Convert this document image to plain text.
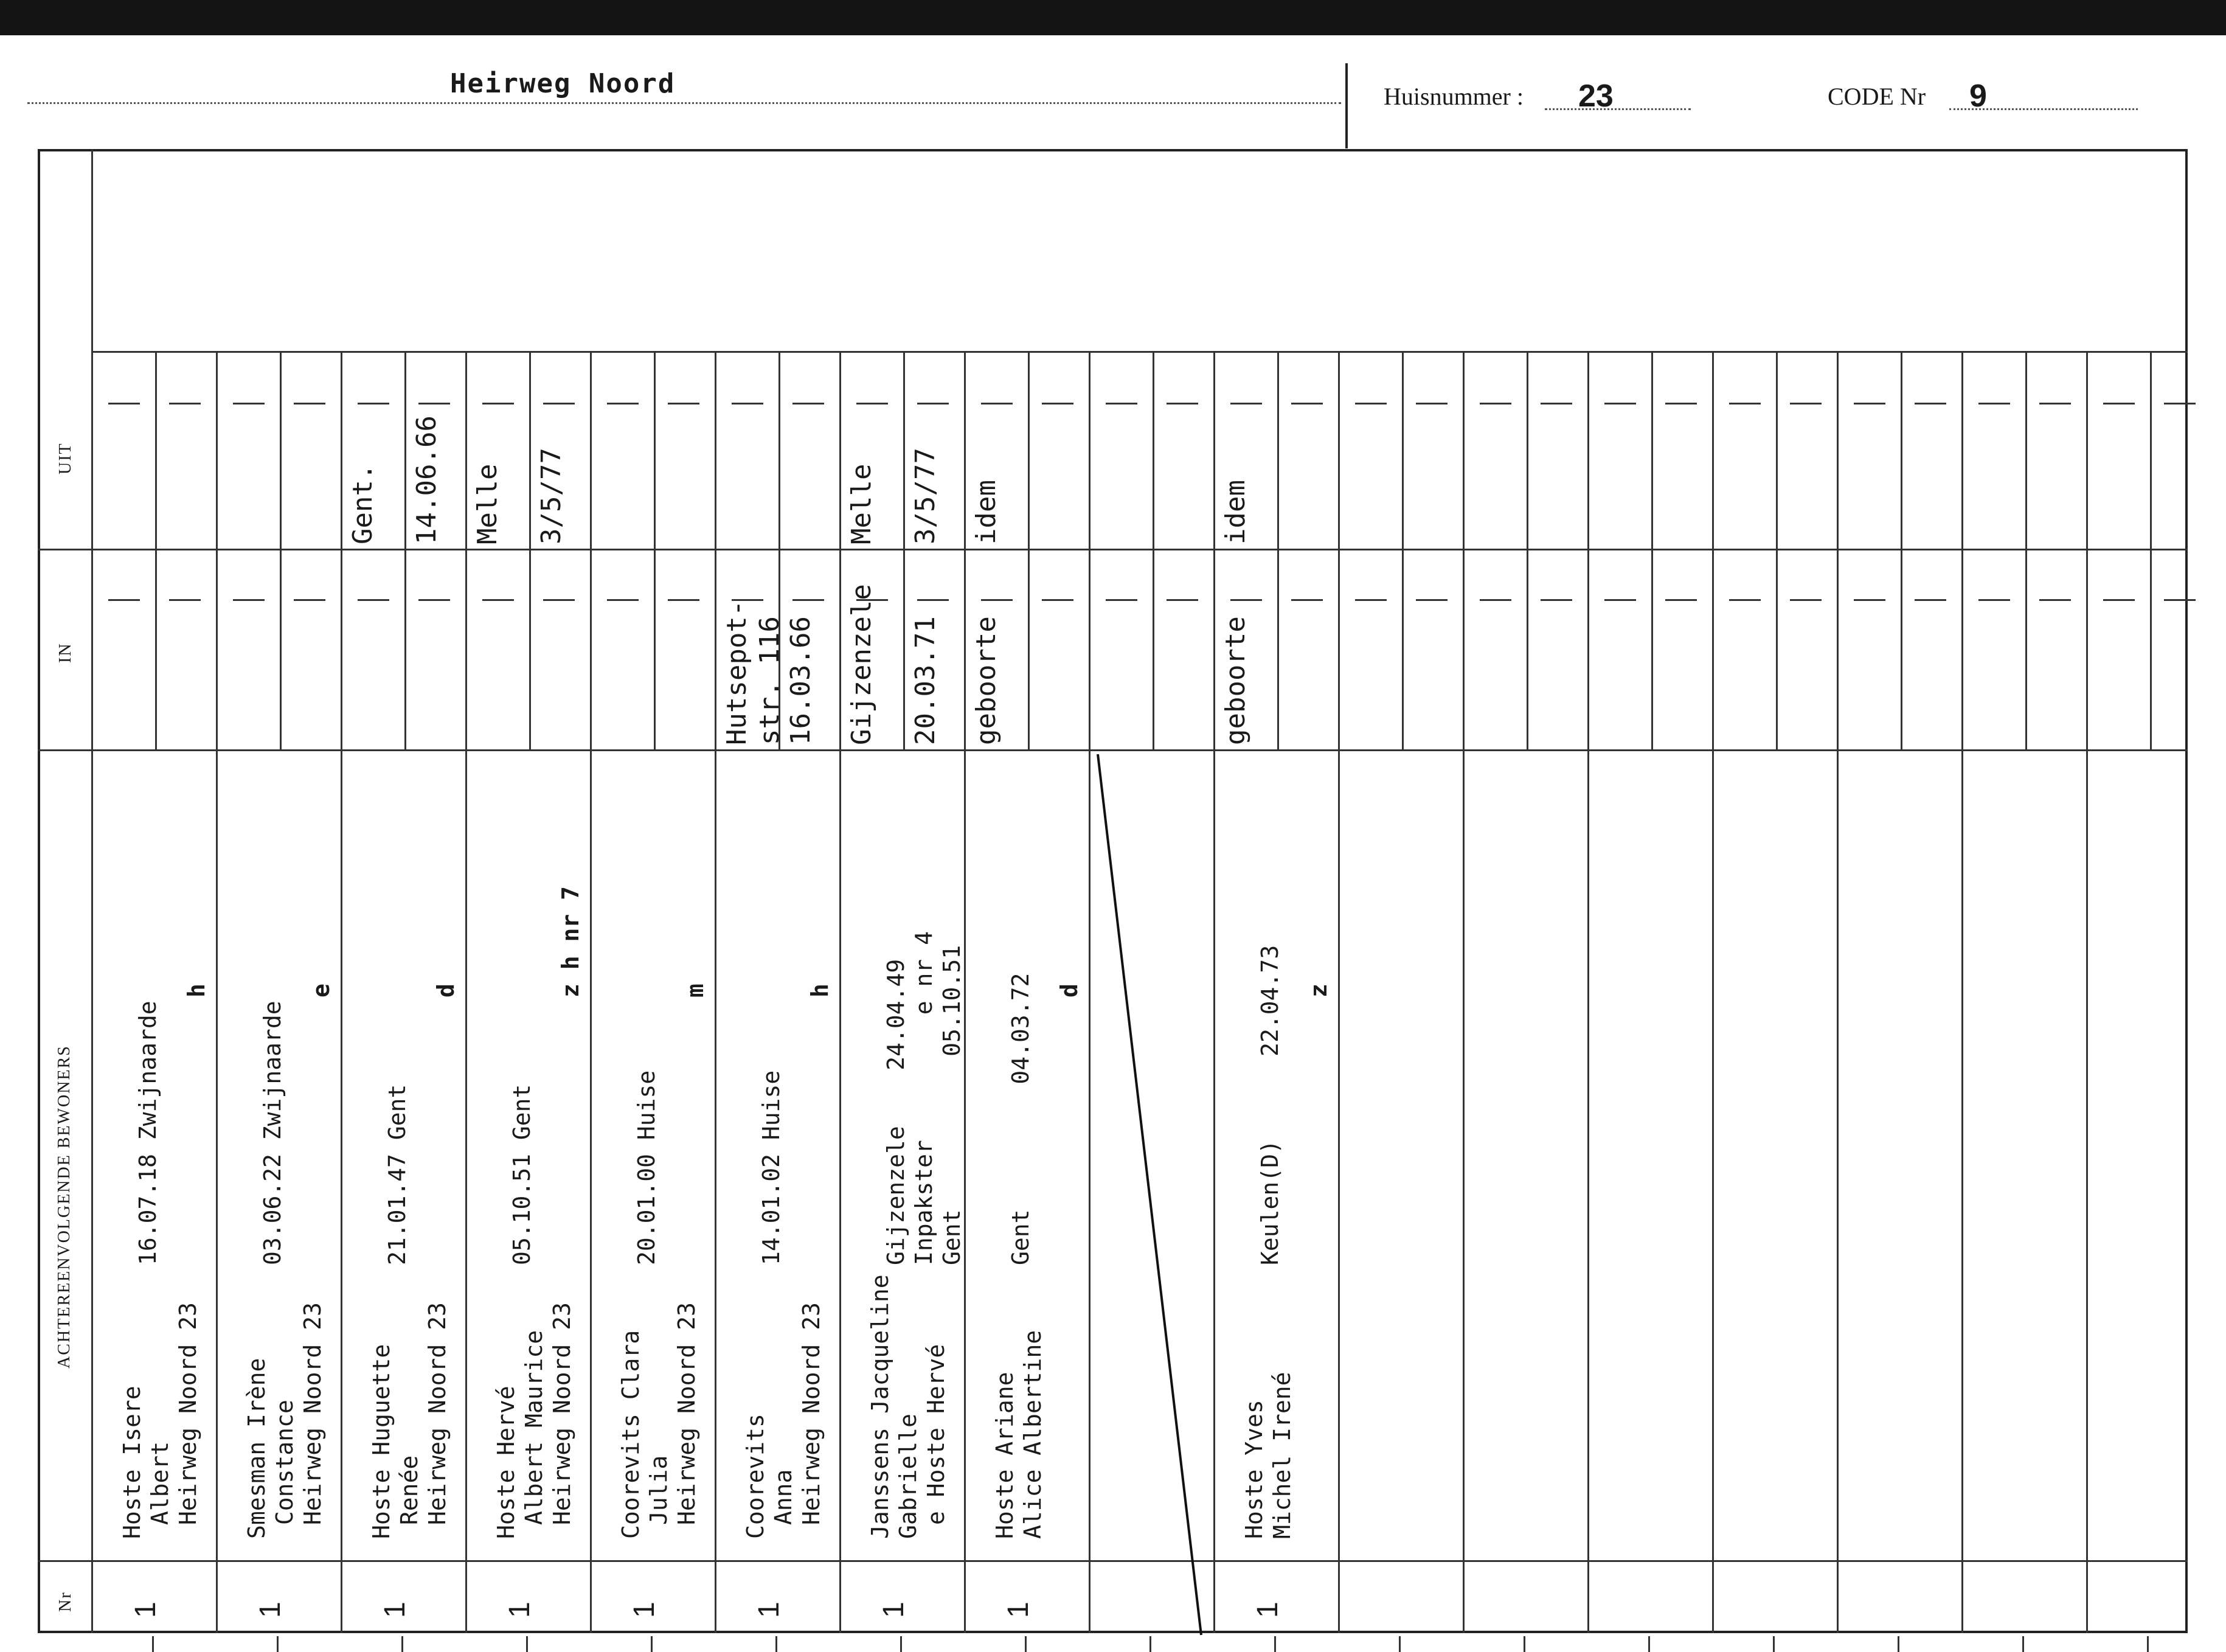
Heirweg Noord	Huisnummer : 23	CODE Nr 9
Nr
ACHTEREENVOLGENDE BEWONERS
IN
UIT
1
Hoste Isere
Albert
Heirweg Noord 23
16.07.18 Zwijnaarde
h
1
Smesman Irène
Constance
Heirweg Noord 23
03.06.22 Zwijnaarde
e
1
Hoste Huguette
Renée
Heirweg Noord 23
21.01.47 Gent
d
Gent. 14.06.66
1
Hoste Hervé
Albert Maurice
Heirweg Noord 23
05.10.51 Gent
z h nr 7
Melle 3/5/77
1
Coorevits Clara
Julia
Heirweg Noord 23
20.01.00 Huise
m
1
Coorevits
Anna
Heirweg Noord 23
14.01.02 Huise
h
Hutsepot-
str. 116 16.03.66
1
Janssens Jacqueline
Gabrielle
e Hoste Hervé
Gijzenzele    24.04.49
Inpakster         e nr 4
Gent           05.10.51
Gijzenzele 20.03.71
Melle 3/5/77
1
Hoste Ariane
Alice Albertine
Gent         04.03.72 d
geboorte
idem
1
Hoste Yves
Michel Irené
Keulen(D)      22.04.73 z
geboorte
idem
